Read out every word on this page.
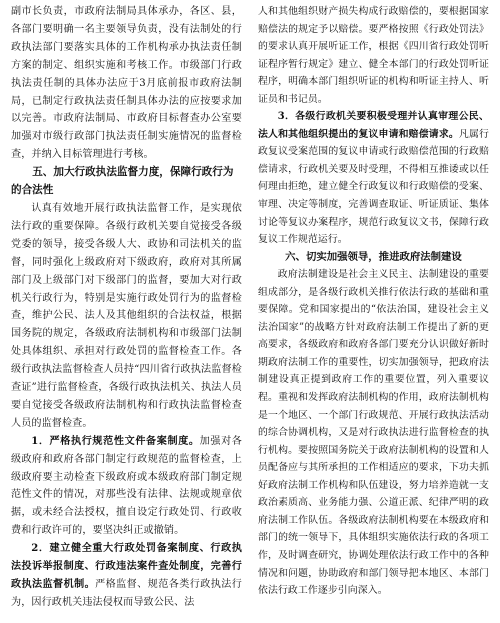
副市长负责，市政府法制局具体承办，各区、县，各部门要明确一名主要领导负责，没有法制处的行政执法部门要落实具体的工作机构承办执法责任制方案的制定、组织实施和考核工作。市级部门行政执法责任制的具体办法应于3月底前报市政府法制局，已制定行政执法责任制具体办法的应按要求加以完善。市政府法制局、市政府目标督查办公室要加强对市级行政部门执法责任制实施情况的监督检查，并纳入目标管理进行考核。

五、加大行政执法监督力度，保障行政行为的合法性

认真有效地开展行政执法监督工作，是实现依法行政的重要保障。各级行政机关要自觉接受各级党委的领导，接受各级人大、政协和司法机关的监督，同时强化上级政府对下级政府，政府对其所属部门及上级部门对下级部门的监督，要加大对行政机关行政行为，特别是实施行政处罚行为的监督检查，维护公民、法人及其他组织的合法权益，根据国务院的规定，各级政府法制机构和市级部门法制处具体组织、承担对行政处罚的监督检查工作。各级行政执法监督检查人员持“四川省行政执法监督检查证”进行监督检查，各级行政执法机关、执法人员要自觉接受各级政府法制机构和行政执法监督检查人员的监督检查。

1．严格执行规范性文件备案制度。加强对各级政府和政府各部门制定行政规范的监督检查，上级政府要主动检查下级政府或本级政府部门制定规范性文件的情况，对那些没有法律、法规或规章依据，或未经合法授权，擅自设定行政处罚、行政收费和行政许可的，要坚决纠正或撤销。

2．建立健全重大行政处罚备案制度、行政执法投诉举报制度、行政违法案件查处制度，完善行政执法监督机制。严格监督、规范各类行政执法行为，因行政机关违法侵权而导致公民、法

人和其他组织财产损失构成行政赔偿的，要根据国家赔偿法的规定予以赔偿。要严格按照《行政处罚法》的要求认真开展听证工作，根据《四川省行政处罚听证程序暂行规定》建立、健全本部门的行政处罚听证程序，明确本部门组织听证的机构和听证主持人、听证员和书记员。

3．各级行政机关要积极受理并认真审理公民、法人和其他组织提出的复议申请和赔偿请求。凡属行政复议受案范围的复议申请或行政赔偿范围的行政赔偿请求，行政机关要及时受理，不得相互推诿或以任何理由拒绝，建立健全行政复议和行政赔偿的受案、审理、决定等制度，完善调查取证、听证质证、集体讨论等复议办案程序，规范行政复议文书，保障行政复议工作规范运行。

六、切实加强领导，推进政府法制建设

政府法制建设是社会主义民主、法制建设的重要组成部分，是各级行政机关推行依法行政的基础和重要保障。党和国家提出的“依法治国，建设社会主义法治国家”的战略方针对政府法制工作提出了新的更高要求，各级政府和政府各部门要充分认识做好新时期政府法制工作的重要性，切实加强领导，把政府法制建设真正提到政府工作的重要位置，列入重要议程。重视和发挥政府法制机构的作用，政府法制机构是一个地区、一个部门行政规范、开展行政执法活动的综合协调机构，又是对行政执法进行监督检查的执行机构。要按照国务院关于政府法制机构的设置和人员配备应与其所承担的工作相适应的要求，下功夫抓好政府法制工作机构和队伍建设，努力培养造就一支政治素质高、业务能力强、公道正派、纪律严明的政府法制工作队伍。各级政府法制机构要在本级政府和部门的统一领导下，具体组织实施依法行政的各项工作，及时调查研究，协调处理依法行政工作中的各种情况和问题，协助政府和部门领导把本地区、本部门依法行政工作逐步引向深入。
